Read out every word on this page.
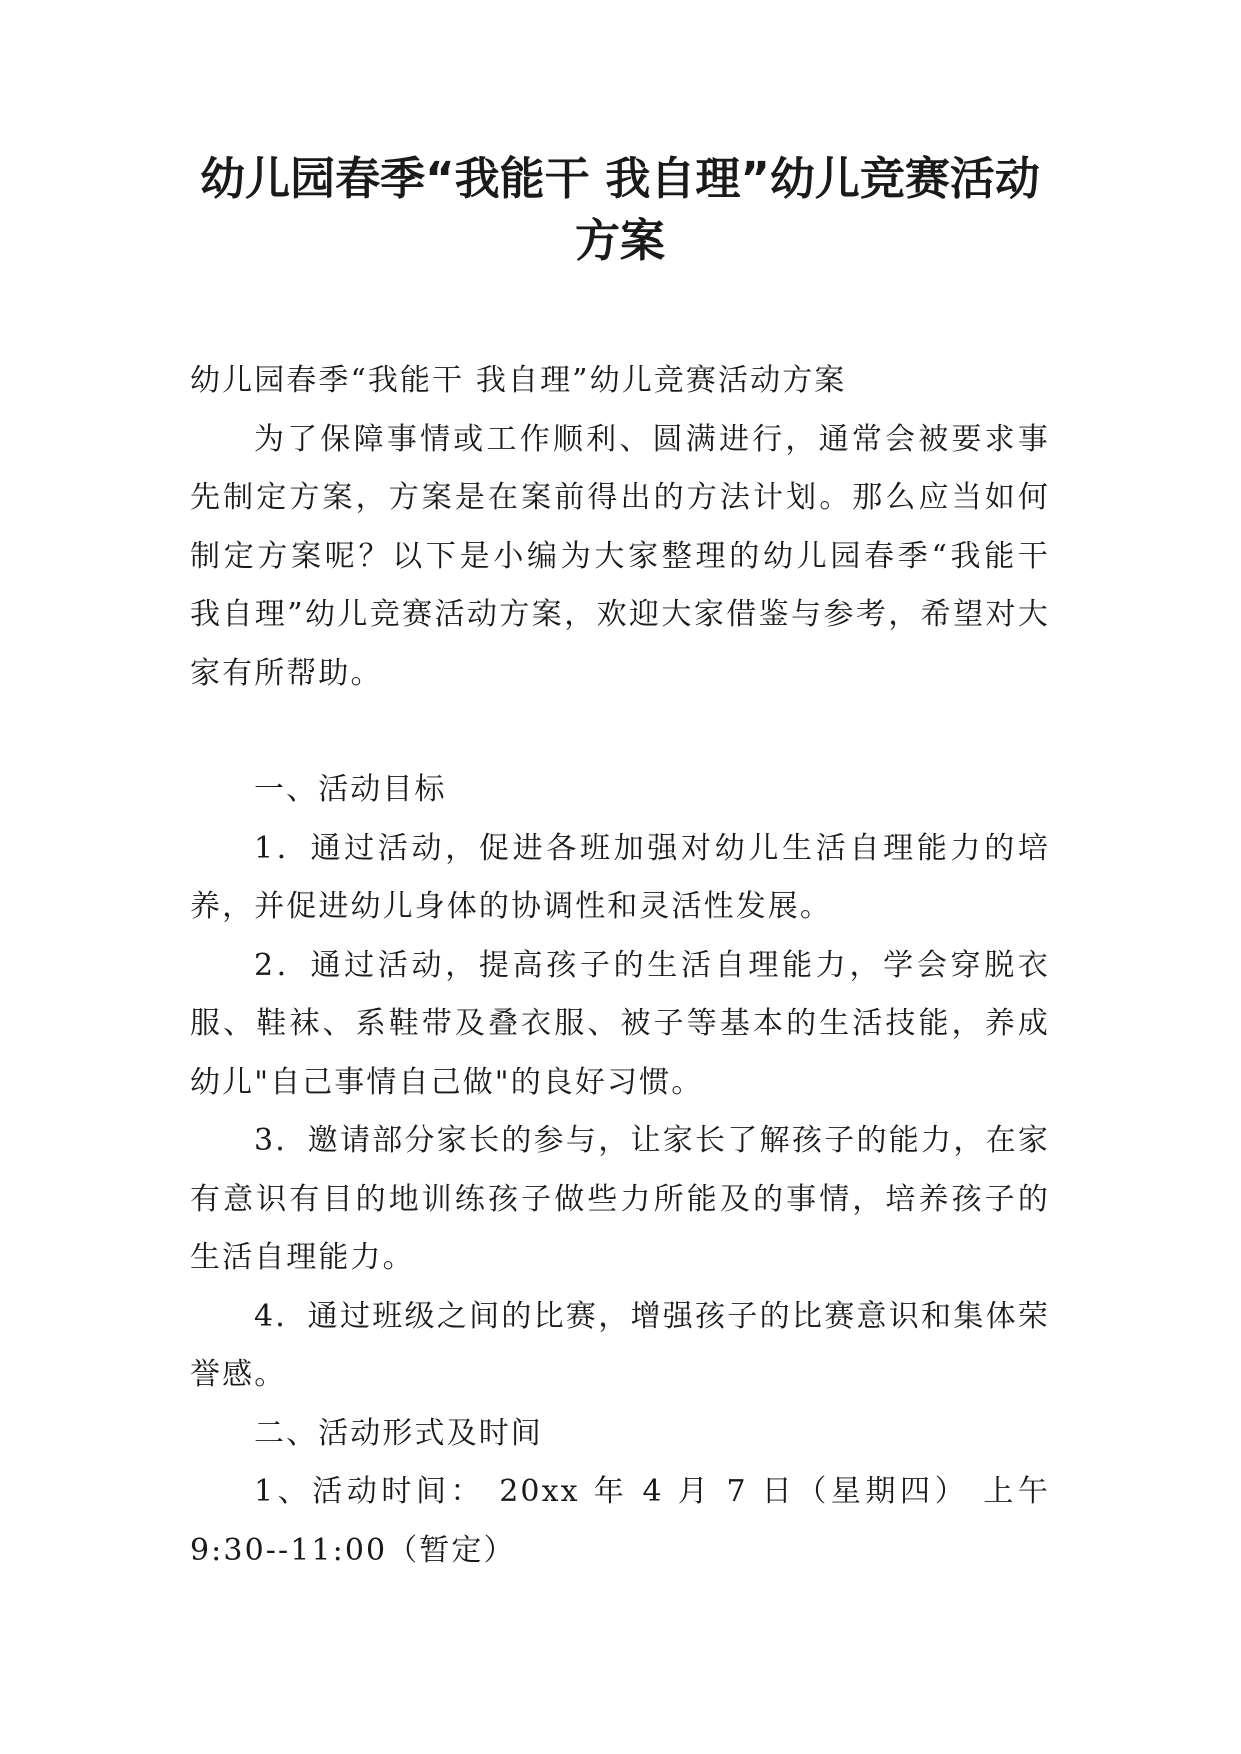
幼儿园春季“我能干 我自理”幼儿竞赛活动方案

幼儿园春季“我能干 我自理”幼儿竞赛活动方案

为了保障事情或工作顺利、圆满进行，通常会被要求事先制定方案，方案是在案前得出的方法计划。那么应当如何制定方案呢？以下是小编为大家整理的幼儿园春季“我能干 我自理”幼儿竞赛活动方案，欢迎大家借鉴与参考，希望对大家有所帮助。

一、活动目标

1．通过活动，促进各班加强对幼儿生活自理能力的培养，并促进幼儿身体的协调性和灵活性发展。

2．通过活动，提高孩子的生活自理能力，学会穿脱衣服、鞋袜、系鞋带及叠衣服、被子等基本的生活技能，养成幼儿"自己事情自己做"的良好习惯。

3．邀请部分家长的参与，让家长了解孩子的能力，在家有意识有目的地训练孩子做些力所能及的事情，培养孩子的生活自理能力。

4．通过班级之间的比赛，增强孩子的比赛意识和集体荣誉感。

二、活动形式及时间

1、活动时间： 20xx 年 4 月 7 日（星期四） 上午 9:30--11:00（暂定）
